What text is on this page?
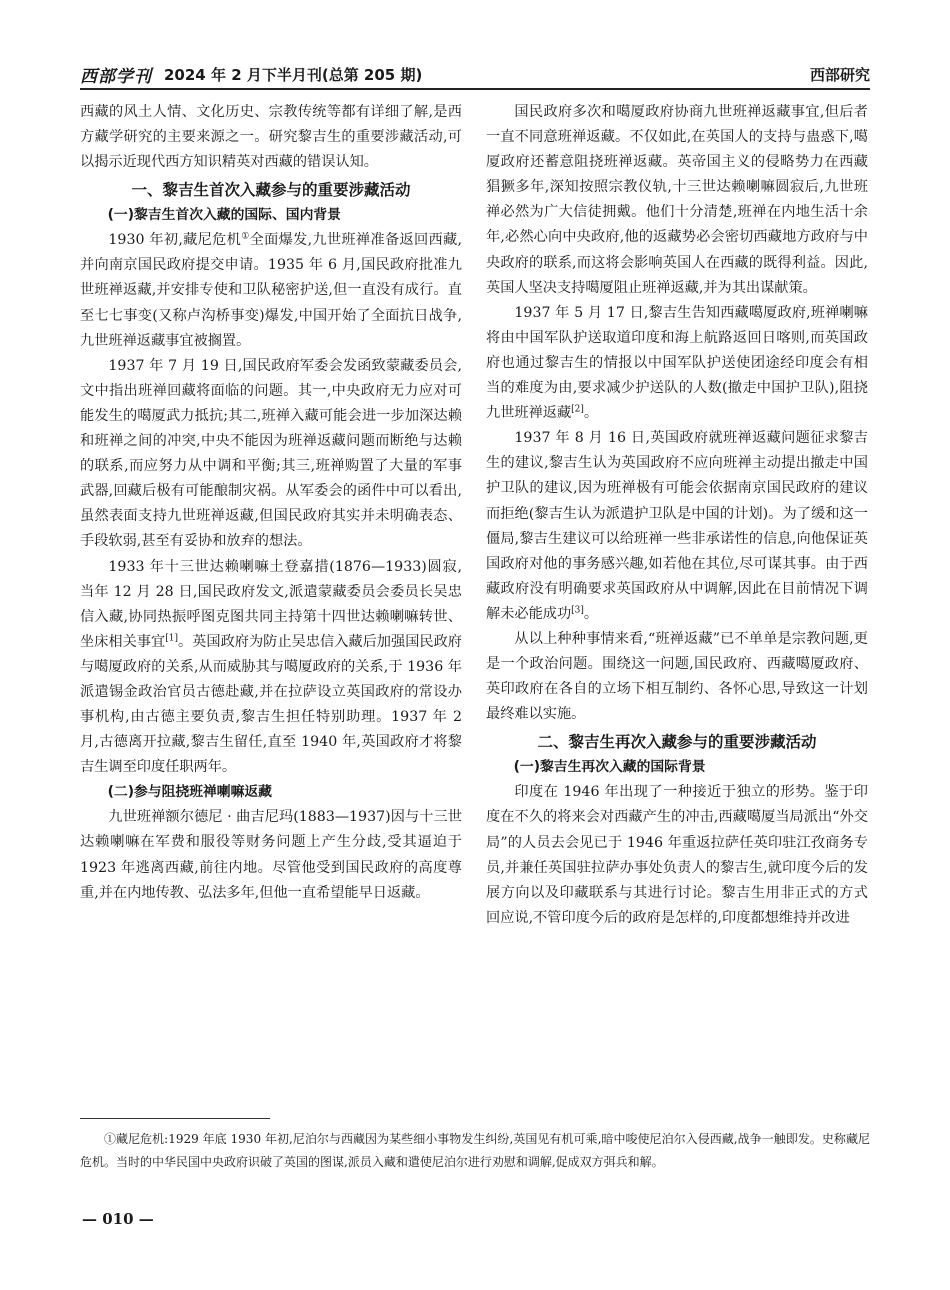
西部学刊 2024 年 2 月下半月刊(总第 205 期)	西部研究

西藏的风土人情、文化历史、宗教传统等都有详细了解,是西方藏学研究的主要来源之一。研究黎吉生的重要涉藏活动,可以揭示近现代西方知识精英对西藏的错误认知。

一、黎吉生首次入藏参与的重要涉藏活动
(一)黎吉生首次入藏的国际、国内背景

1930 年初,藏尼危机①全面爆发,九世班禅准备返回西藏,并向南京国民政府提交申请。1935 年 6 月,国民政府批准九世班禅返藏,并安排专使和卫队秘密护送,但一直没有成行。直至七七事变(又称卢沟桥事变)爆发,中国开始了全面抗日战争,九世班禅返藏事宜被搁置。

1937 年 7 月 19 日,国民政府军委会发函致蒙藏委员会,文中指出班禅回藏将面临的问题。其一,中央政府无力应对可能发生的噶厦武力抵抗;其二,班禅入藏可能会进一步加深达赖和班禅之间的冲突,中央不能因为班禅返藏问题而断绝与达赖的联系,而应努力从中调和平衡;其三,班禅购置了大量的军事武器,回藏后极有可能酿制灾祸。从军委会的函件中可以看出,虽然表面支持九世班禅返藏,但国民政府其实并未明确表态、手段软弱,甚至有妥协和放弃的想法。

1933 年十三世达赖喇嘛土登嘉措(1876—1933)圆寂,当年 12 月 28 日,国民政府发文,派遣蒙藏委员会委员长吴忠信入藏,协同热振呼图克图共同主持第十四世达赖喇嘛转世、坐床相关事宜[1]。英国政府为防止吴忠信入藏后加强国民政府与噶厦政府的关系,从而威胁其与噶厦政府的关系,于 1936 年派遣锡金政治官员古德赴藏,并在拉萨设立英国政府的常设办事机构,由古德主要负责,黎吉生担任特别助理。1937 年 2 月,古德离开拉藏,黎吉生留任,直至 1940 年,英国政府才将黎吉生调至印度任职两年。

(二)参与阻挠班禅喇嘛返藏

九世班禅额尔德尼 · 曲吉尼玛(1883—1937)因与十三世达赖喇嘛在军费和服役等财务问题上产生分歧,受其逼迫于 1923 年逃离西藏,前往内地。尽管他受到国民政府的高度尊重,并在内地传教、弘法多年,但他一直希望能早日返藏。

国民政府多次和噶厦政府协商九世班禅返藏事宜,但后者一直不同意班禅返藏。不仅如此,在英国人的支持与蛊惑下,噶厦政府还蓄意阻挠班禅返藏。英帝国主义的侵略势力在西藏猖獗多年,深知按照宗教仪轨,十三世达赖喇嘛圆寂后,九世班禅必然为广大信徒拥戴。他们十分清楚,班禅在内地生活十余年,必然心向中央政府,他的返藏势必会密切西藏地方政府与中央政府的联系,而这将会影响英国人在西藏的既得利益。因此,英国人坚决支持噶厦阻止班禅返藏,并为其出谋献策。

1937 年 5 月 17 日,黎吉生告知西藏噶厦政府,班禅喇嘛将由中国军队护送取道印度和海上航路返回日喀则,而英国政府也通过黎吉生的情报以中国军队护送使团途经印度会有相当的难度为由,要求减少护送队的人数(撤走中国护卫队),阻挠九世班禅返藏[2]。

1937 年 8 月 16 日,英国政府就班禅返藏问题征求黎吉生的建议,黎吉生认为英国政府不应向班禅主动提出撤走中国护卫队的建议,因为班禅极有可能会依据南京国民政府的建议而拒绝(黎吉生认为派遣护卫队是中国的计划)。为了缓和这一僵局,黎吉生建议可以给班禅一些非承诺性的信息,向他保证英国政府对他的事务感兴趣,如若他在其位,尽可谋其事。由于西藏政府没有明确要求英国政府从中调解,因此在目前情况下调解未必能成功[3]。

从以上种种事情来看,“班禅返藏”已不单单是宗教问题,更是一个政治问题。围绕这一问题,国民政府、西藏噶厦政府、英印政府在各自的立场下相互制约、各怀心思,导致这一计划最终难以实施。

二、黎吉生再次入藏参与的重要涉藏活动
(一)黎吉生再次入藏的国际背景

印度在 1946 年出现了一种接近于独立的形势。鉴于印度在不久的将来会对西藏产生的冲击,西藏噶厦当局派出“外交局”的人员去会见已于 1946 年重返拉萨任英印驻江孜商务专员,并兼任英国驻拉萨办事处负责人的黎吉生,就印度今后的发展方向以及印藏联系与其进行讨论。黎吉生用非正式的方式回应说,不管印度今后的政府是怎样的,印度都想维持并改进

①藏尼危机:1929 年底 1930 年初,尼泊尔与西藏因为某些细小事物发生纠纷,英国见有机可乘,暗中唆使尼泊尔入侵西藏,战争一触即发。史称藏尼危机。当时的中华民国中央政府识破了英国的图谋,派员入藏和遣使尼泊尔进行劝慰和调解,促成双方弭兵和解。
— 010 —
